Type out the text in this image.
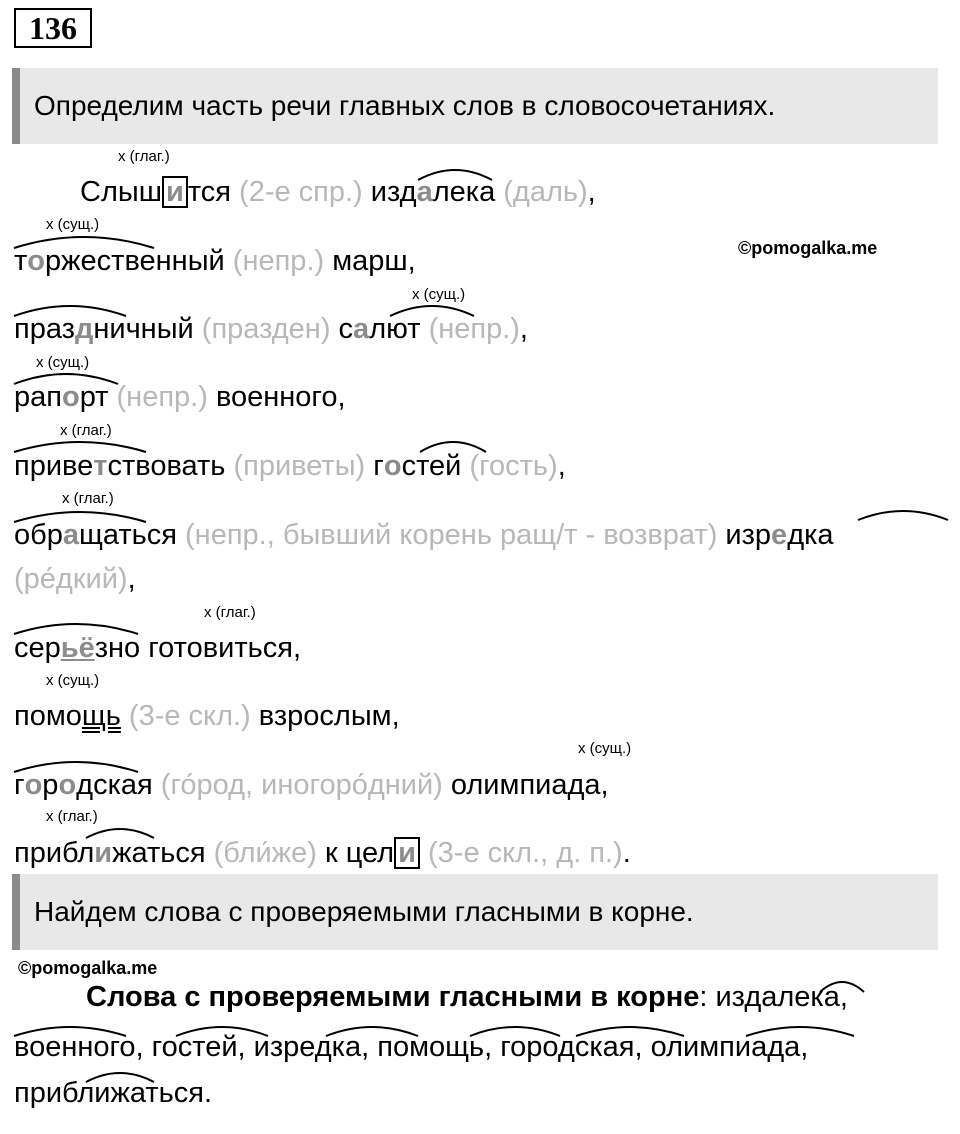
136
Определим часть речи главных слов в словосочетаниях.
x (глаг.)
x (сущ.)
x (сущ.)
x (сущ.)
x (глаг.)
x (глаг.)
x (глаг.)
x (сущ.)
x (сущ.)
x (глаг.)
©pomogalka.me
Слыш и тся (2-е спр.) издалека (даль),
торжественный (непр.) марш,
праздничный (празден) салют (непр.),
рапорт (непр.) военного,
приветствовать (приветы) гостей (гость),
обращаться (непр., бывший корень ращ/т - возврат) изредка
(ре́дкий),
серьёзно готовиться,
помощь (3-е скл.) взрослым,
городская (го́род, иногоро́дний) олимпиада,
приближаться (бли́же) к цел и (3-е скл., д. п.).
Найдем слова с проверяемыми гласными в корне.
©pomogalka.me
Слова с проверяемыми гласными в корне: издалека,
военного, гостей, изредка, помощь, городская, олимпиада,
приближаться.
